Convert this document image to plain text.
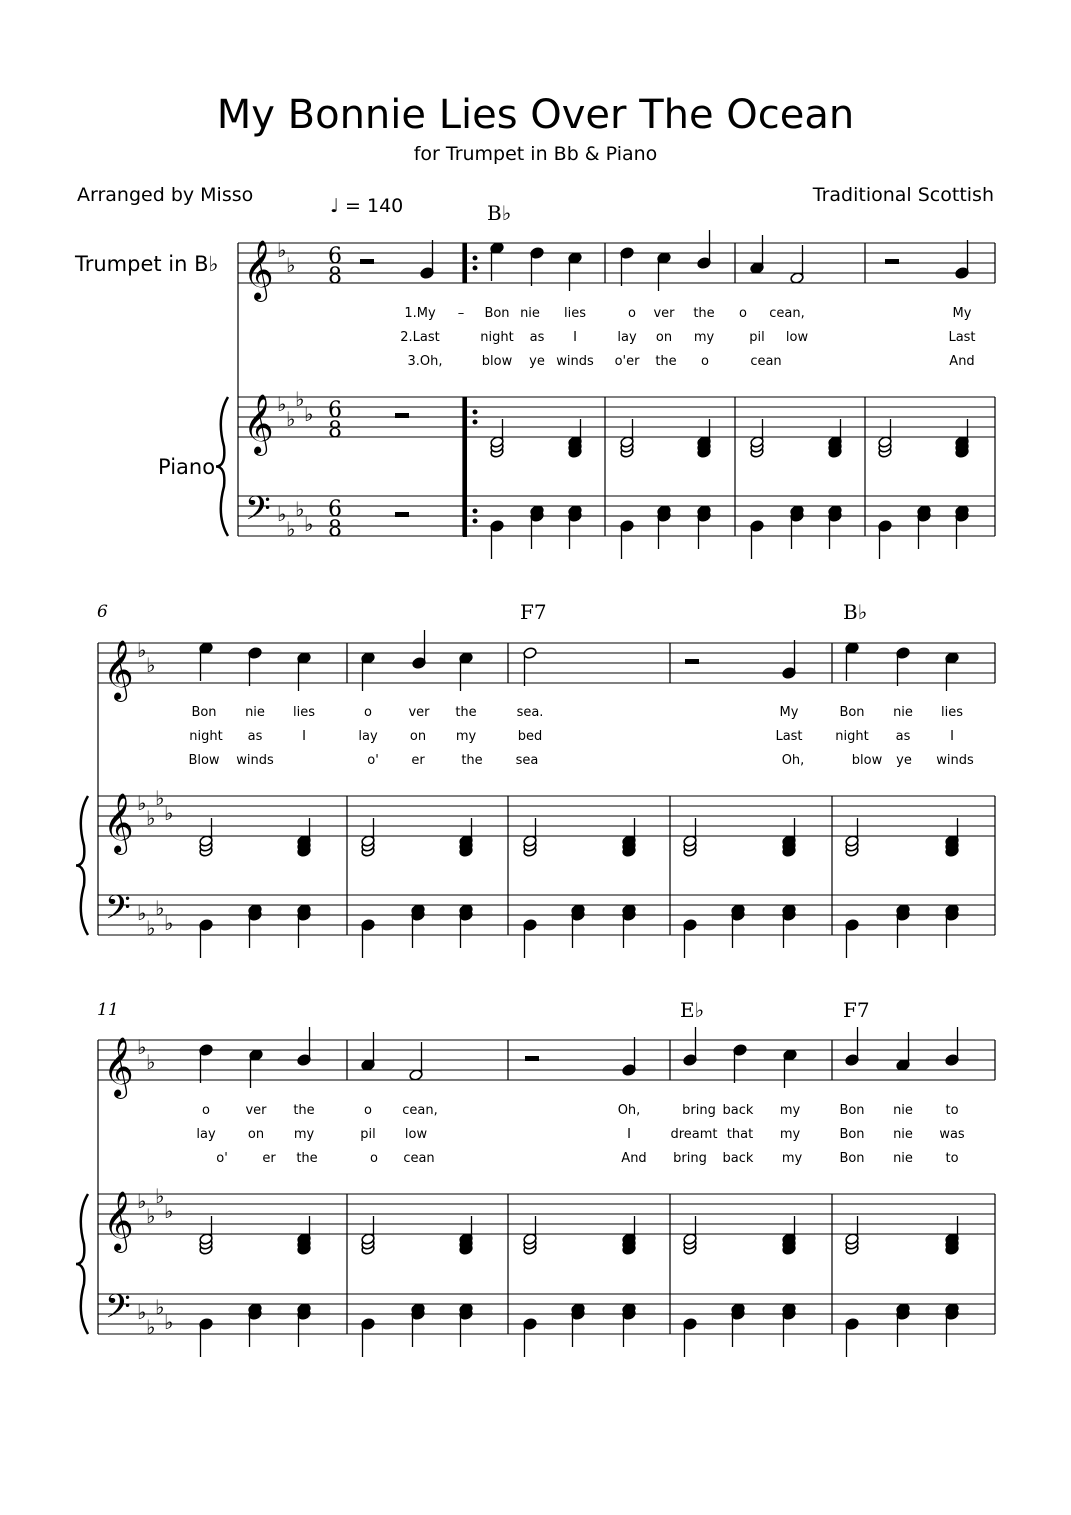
My Bonnie Lies Over The Ocean
for Trumpet in Bb & Piano
Arranged by Misso	Traditional Scottish
♩ = 140
Trumpet in B♭
Piano
6
11
B♭
F7	B♭
E♭	F7
𝄞
𝄞
𝄢
♭
♭
♭
♭
♭
♭
♭
♭
♭
♭
6
8
6
8
6
8
𝄞
𝄞
𝄢
♭
♭
♭
♭
♭
♭
♭
♭
♭
♭
𝄞
𝄞
𝄢
♭
♭
♭
♭
♭
♭
♭
♭
♭
♭
1.My – Bon nie lies	o ver the o cean,	My
2.Last	night as I	lay on my	pil low	Last
3.Oh,	blow ye winds o'er the o	cean	And
Bon nie lies	o	ver the	sea.	My	Bon nie lies
night as	I	lay on my	bed	Last	night as	I
Blow winds	o'	er	the	sea	Oh,	blow ye winds
o	ver the	o cean,	Oh,	bring back my	Bon nie	to
lay on my	pil low	I	dreamt that my	Bon nie was
o'	er the	o cean	And bring back my	Bon nie	to
